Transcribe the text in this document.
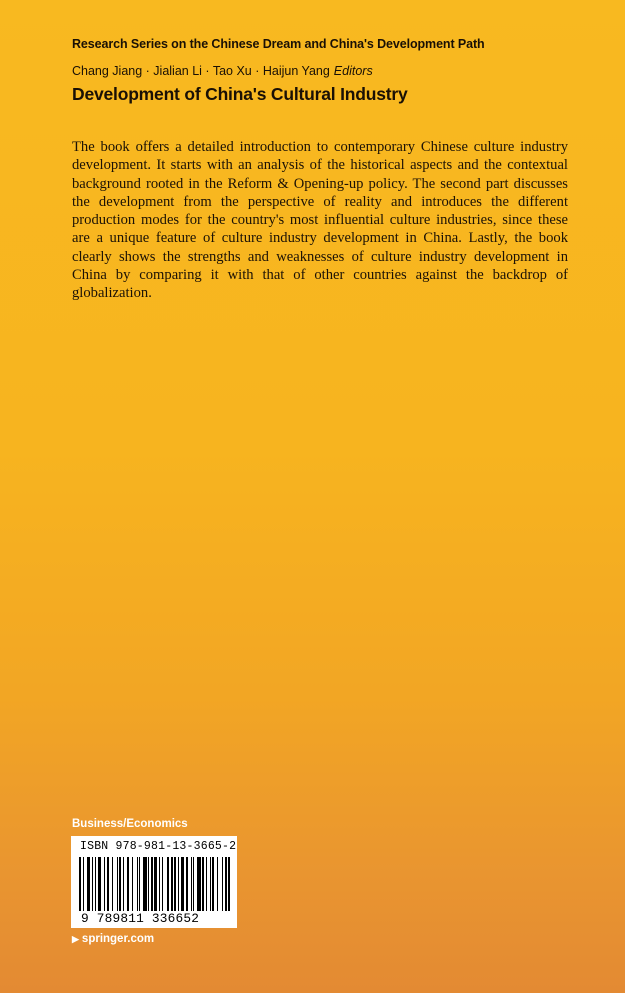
Research Series on the Chinese Dream and China's Development Path
Chang Jiang · Jialian Li · Tao Xu · Haijun Yang Editors
Development of China's Cultural Industry

The book offers a detailed introduction to contemporary Chinese culture industry development. It starts with an analysis of the historical aspects and the contextual background rooted in the Reform & Opening-up policy. The second part discusses the development from the perspective of reality and introduces the different production modes for the country's most influential culture industries, since these are a unique feature of culture industry development in China. Lastly, the book clearly shows the strengths and weaknesses of culture industry development in China by comparing it with that of other countries against the backdrop of globalization.

Business/Economics
ISBN 978-981-13-3665-2
9 789811 336652
▶ springer.com
